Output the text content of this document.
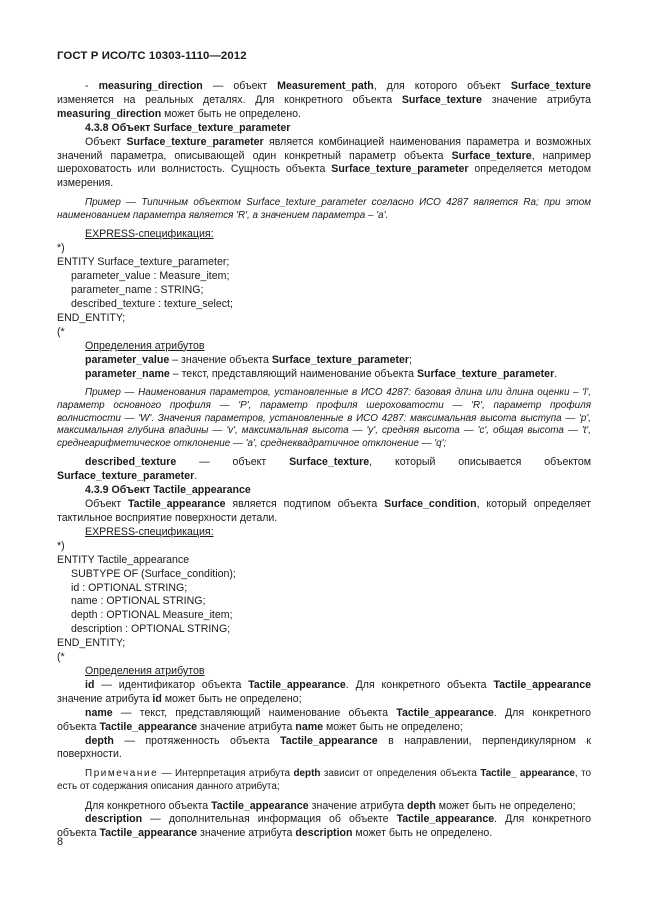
ГОСТ Р ИСО/ТС 10303-1110—2012

- measuring_direction — объект Measurement_path, для которого объект Surface_texture изменяется на реальных деталях. Для конкретного объекта Surface_texture значение атрибута measuring_direction может быть не определено.

4.3.8 Объект Surface_texture_parameter

Объект Surface_texture_parameter является комбинацией наименования параметра и возможных значений параметра, описывающей один конкретный параметр объекта Surface_texture, например шероховатость или волнистость. Сущность объекта Surface_texture_parameter определяется методом измерения.

Пример — Типичным объектом Surface_texture_parameter согласно ИСО 4287 является Ra; при этом наименованием параметра является 'R', а значением параметра – 'a'.

EXPRESS-спецификация:

*)

ENTITY Surface_texture_parameter;

parameter_value : Measure_item;

parameter_name : STRING;

described_texture : texture_select;

END_ENTITY;

(*

Определения атрибутов

parameter_value – значение объекта Surface_texture_parameter;

parameter_name – текст, представляющий наименование объекта Surface_texture_parameter.

Пример — Наименования параметров, установленные в ИСО 4287: базовая длина или длина оценки – 'l', параметр основного профиля — 'P', параметр профиля шероховатости — 'R', параметр профиля волнистости — 'W'. Значения параметров, установленные в ИСО 4287: максимальная высота выступа — 'p', максимальная глубина впадины — 'v', максимальная высота — 'y', средняя высота — 'c', общая высота — 't', среднеарифметическое отклонение — 'a', среднеквадратичное отклонение — 'q';

described_texture — объект Surface_texture, который описывается объектом Surface_texture_parameter.

4.3.9 Объект Tactile_appearance

Объект Tactile_appearance является подтипом объекта Surface_condition, который определяет тактильное восприятие поверхности детали.

EXPRESS-спецификация:

*)

ENTITY Tactile_appearance

SUBTYPE OF (Surface_condition);

id : OPTIONAL STRING;

name : OPTIONAL STRING;

depth : OPTIONAL Measure_item;

description : OPTIONAL STRING;

END_ENTITY;

(*

Определения атрибутов

id — идентификатор объекта Tactile_appearance. Для конкретного объекта Tactile_appearance значение атрибута id может быть не определено;

name — текст, представляющий наименование объекта Tactile_appearance. Для конкретного объекта Tactile_appearance значение атрибута name может быть не определено;

depth — протяженность объекта Tactile_appearance в направлении, перпендикулярном к поверхности.

Примечание — Интерпретация атрибута depth зависит от определения объекта Tactile_ appearance, то есть от содержания описания данного атрибута;

Для конкретного объекта Tactile_appearance значение атрибута depth может быть не определено;

description — дополнительная информация об объекте Tactile_appearance. Для конкретного объекта Tactile_appearance значение атрибута description может быть не определено.

8
